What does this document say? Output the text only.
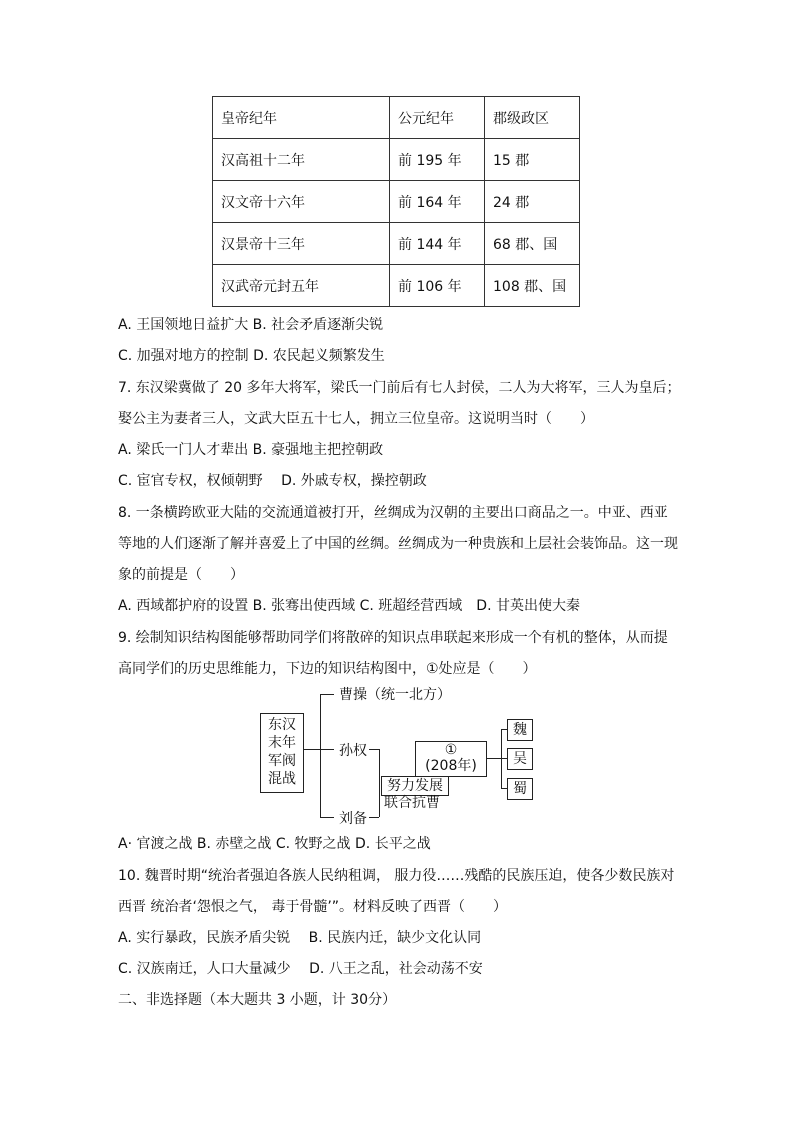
皇帝纪年	公元纪年	郡级政区
汉高祖十二年	前 195 年	15 郡
汉文帝十六年	前 164 年	24 郡
汉景帝十三年	前 144 年	68 郡、国
汉武帝元封五年	前 106 年	108 郡、国
A. 王国领地日益扩大 B. 社会矛盾逐渐尖锐
C. 加强对地方的控制 D. 农民起义频繁发生
7. 东汉梁冀做了 20 多年大将军，梁氏一门前后有七人封侯，二人为大将军，三人为皇后；
娶公主为妻者三人，文武大臣五十七人，拥立三位皇帝。这说明当时（　　）
A. 梁氏一门人才辈出 B. 豪强地主把控朝政
C. 宦官专权，权倾朝野　 D. 外戚专权，操控朝政
8. 一条横跨欧亚大陆的交流通道被打开，丝绸成为汉朝的主要出口商品之一。中亚、西亚
等地的人们逐渐了解并喜爱上了中国的丝绸。丝绸成为一种贵族和上层社会装饰品。这一现
象的前提是（　　）
A. 西域都护府的设置 B. 张骞出使西域 C. 班超经营西域　D. 甘英出使大秦
9. 绘制知识结构图能够帮助同学们将散碎的知识点串联起来形成一个有机的整体，从而提
高同学们的历史思维能力，下边的知识结构图中，①处应是（　　）
东汉
末年
军阀
混战
曹操（统一北方）
孙权
刘备
努力发展
联合抗曹
①
(208年)
魏
吴
蜀
A· 官渡之战 B. 赤壁之战 C. 牧野之战 D. 长平之战
10. 魏晋时期“统治者强迫各族人民纳租调， 服力役……残酷的民族压迫，使各少数民族对
西晋 统治者‘怨恨之气， 毒于骨髓’”。材料反映了西晋（　　）
A. 实行暴政，民族矛盾尖锐　 B. 民族内迁，缺少文化认同
C. 汉族南迁，人口大量减少　 D. 八王之乱，社会动荡不安
二、非选择题（本大题共 3 小题，计 30分）
